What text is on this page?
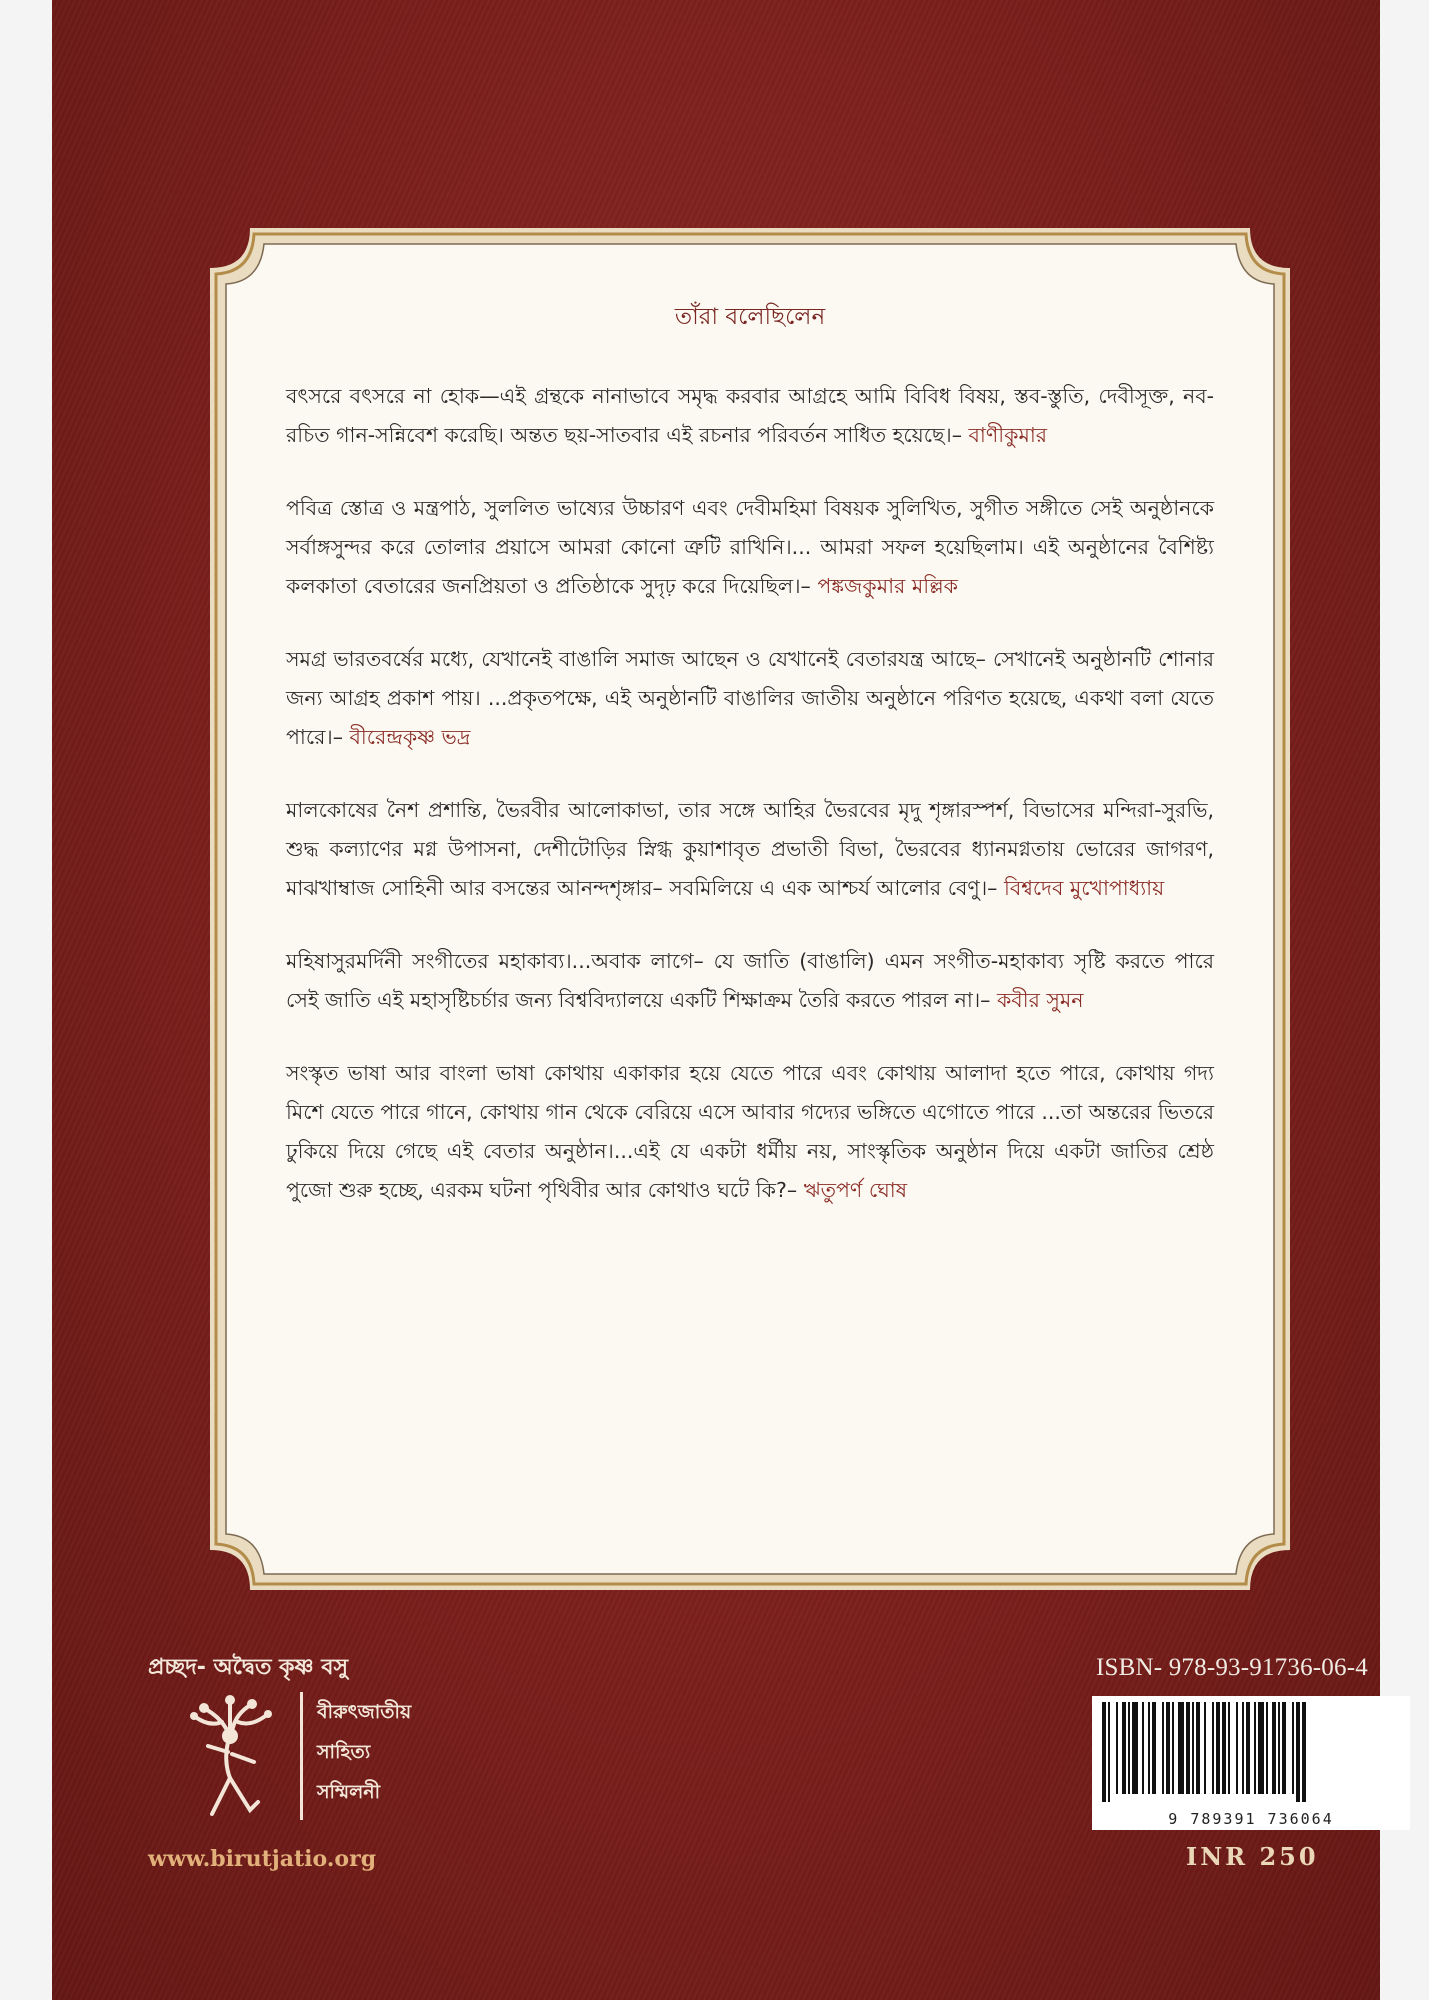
তাঁরা বলেছিলেন

বৎসরে বৎসরে না হোক—এই গ্রন্থকে নানাভাবে সমৃদ্ধ করবার আগ্রহে আমি বিবিধ বিষয়, স্তব-স্তুতি, দেবীসূক্ত, নব-রচিত গান-সন্নিবেশ করেছি। অন্তত ছয়-সাতবার এই রচনার পরিবর্তন সাধিত হয়েছে।– বাণীকুমার

পবিত্র স্তোত্র ও মন্ত্রপাঠ, সুললিত ভাষ্যের উচ্চারণ এবং দেবীমহিমা বিষয়ক সুলিখিত, সুগীত সঙ্গীতে সেই অনুষ্ঠানকে সর্বাঙ্গসুন্দর করে তোলার প্রয়াসে আমরা কোনো ত্রুটি রাখিনি।... আমরা সফল হয়েছিলাম। এই অনুষ্ঠানের বৈশিষ্ট্য কলকাতা বেতারের জনপ্রিয়তা ও প্রতিষ্ঠাকে সুদৃঢ় করে দিয়েছিল।– পঙ্কজকুমার মল্লিক

সমগ্র ভারতবর্ষের মধ্যে, যেখানেই বাঙালি সমাজ আছেন ও যেখানেই বেতারযন্ত্র আছে– সেখানেই অনুষ্ঠানটি শোনার জন্য আগ্রহ প্রকাশ পায়। ...প্রকৃতপক্ষে, এই অনুষ্ঠানটি বাঙালির জাতীয় অনুষ্ঠানে পরিণত হয়েছে, একথা বলা যেতে পারে।– বীরেন্দ্রকৃষ্ণ ভদ্র

মালকোষের নৈশ প্রশান্তি, ভৈরবীর আলোকাভা, তার সঙ্গে আহির ভৈরবের মৃদু শৃঙ্গারস্পর্শ, বিভাসের মন্দিরা-সুরভি, শুদ্ধ কল্যাণের মগ্ন উপাসনা, দেশীটোড়ির স্নিগ্ধ কুয়াশাবৃত প্রভাতী বিভা, ভৈরবের ধ্যানমগ্নতায় ভোরের জাগরণ, মাঝখাম্বাজ সোহিনী আর বসন্তের আনন্দশৃঙ্গার– সবমিলিয়ে এ এক আশ্চর্য আলোর বেণু।– বিশ্বদেব মুখোপাধ্যায়

মহিষাসুরমর্দিনী সংগীতের মহাকাব্য।...অবাক লাগে– যে জাতি (বাঙালি) এমন সংগীত-মহাকাব্য সৃষ্টি করতে পারে সেই জাতি এই মহাসৃষ্টিচর্চার জন্য বিশ্ববিদ্যালয়ে একটি শিক্ষাক্রম তৈরি করতে পারল না।– কবীর সুমন

সংস্কৃত ভাষা আর বাংলা ভাষা কোথায় একাকার হয়ে যেতে পারে এবং কোথায় আলাদা হতে পারে, কোথায় গদ্য মিশে যেতে পারে গানে, কোথায় গান থেকে বেরিয়ে এসে আবার গদ্যের ভঙ্গিতে এগোতে পারে ...তা অন্তরের ভিতরে ঢুকিয়ে দিয়ে গেছে এই বেতার অনুষ্ঠান।...এই যে একটা ধর্মীয় নয়, সাংস্কৃতিক অনুষ্ঠান দিয়ে একটা জাতির শ্রেষ্ঠ পুজো শুরু হচ্ছে, এরকম ঘটনা পৃথিবীর আর কোথাও ঘটে কি?– ঋতুপর্ণ ঘোষ

প্রচ্ছদ- অদ্বৈত কৃষ্ণ বসু
বীরুৎজাতীয়
সাহিত্য
সম্মিলনী
www.birutjatio.org
ISBN- 978-93-91736-06-4
9 789391 736064
INR 250
